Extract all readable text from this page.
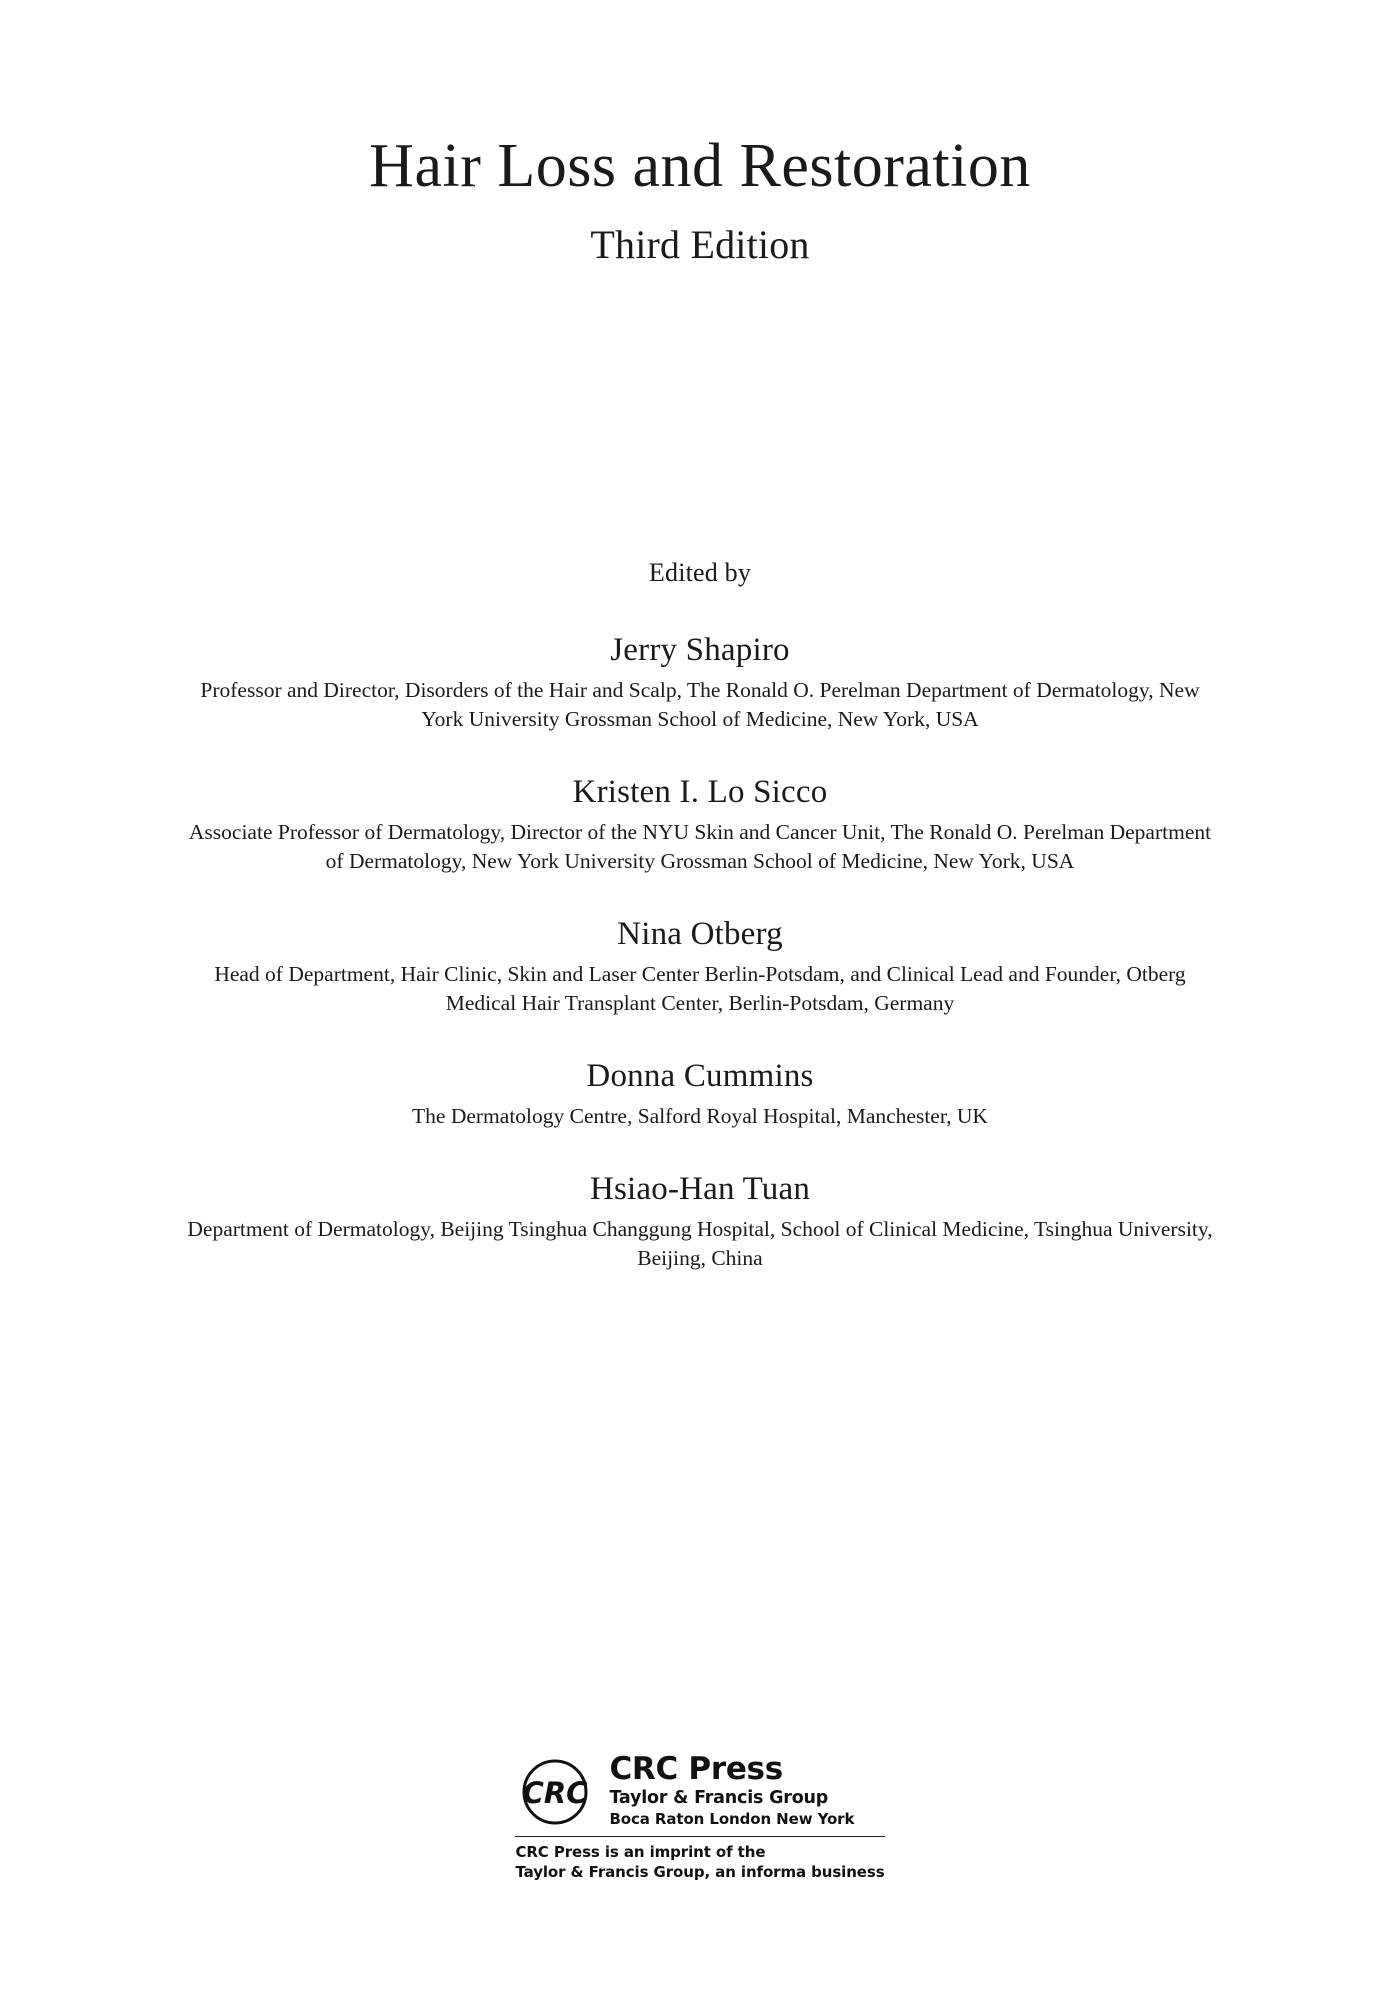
Hair Loss and Restoration
Third Edition
Edited by
Jerry Shapiro
Professor and Director, Disorders of the Hair and Scalp, The Ronald O. Perelman Department of Dermatology, New York University Grossman School of Medicine, New York, USA
Kristen I. Lo Sicco
Associate Professor of Dermatology, Director of the NYU Skin and Cancer Unit, The Ronald O. Perelman Department of Dermatology, New York University Grossman School of Medicine, New York, USA
Nina Otberg
Head of Department, Hair Clinic, Skin and Laser Center Berlin-Potsdam, and Clinical Lead and Founder, Otberg Medical Hair Transplant Center, Berlin-Potsdam, Germany
Donna Cummins
The Dermatology Centre, Salford Royal Hospital, Manchester, UK
Hsiao-Han Tuan
Department of Dermatology, Beijing Tsinghua Changgung Hospital, School of Clinical Medicine, Tsinghua University, Beijing, China
CRC
CRC Press
Taylor & Francis Group
Boca Raton London New York
CRC Press is an imprint of the
Taylor & Francis Group, an informa business
